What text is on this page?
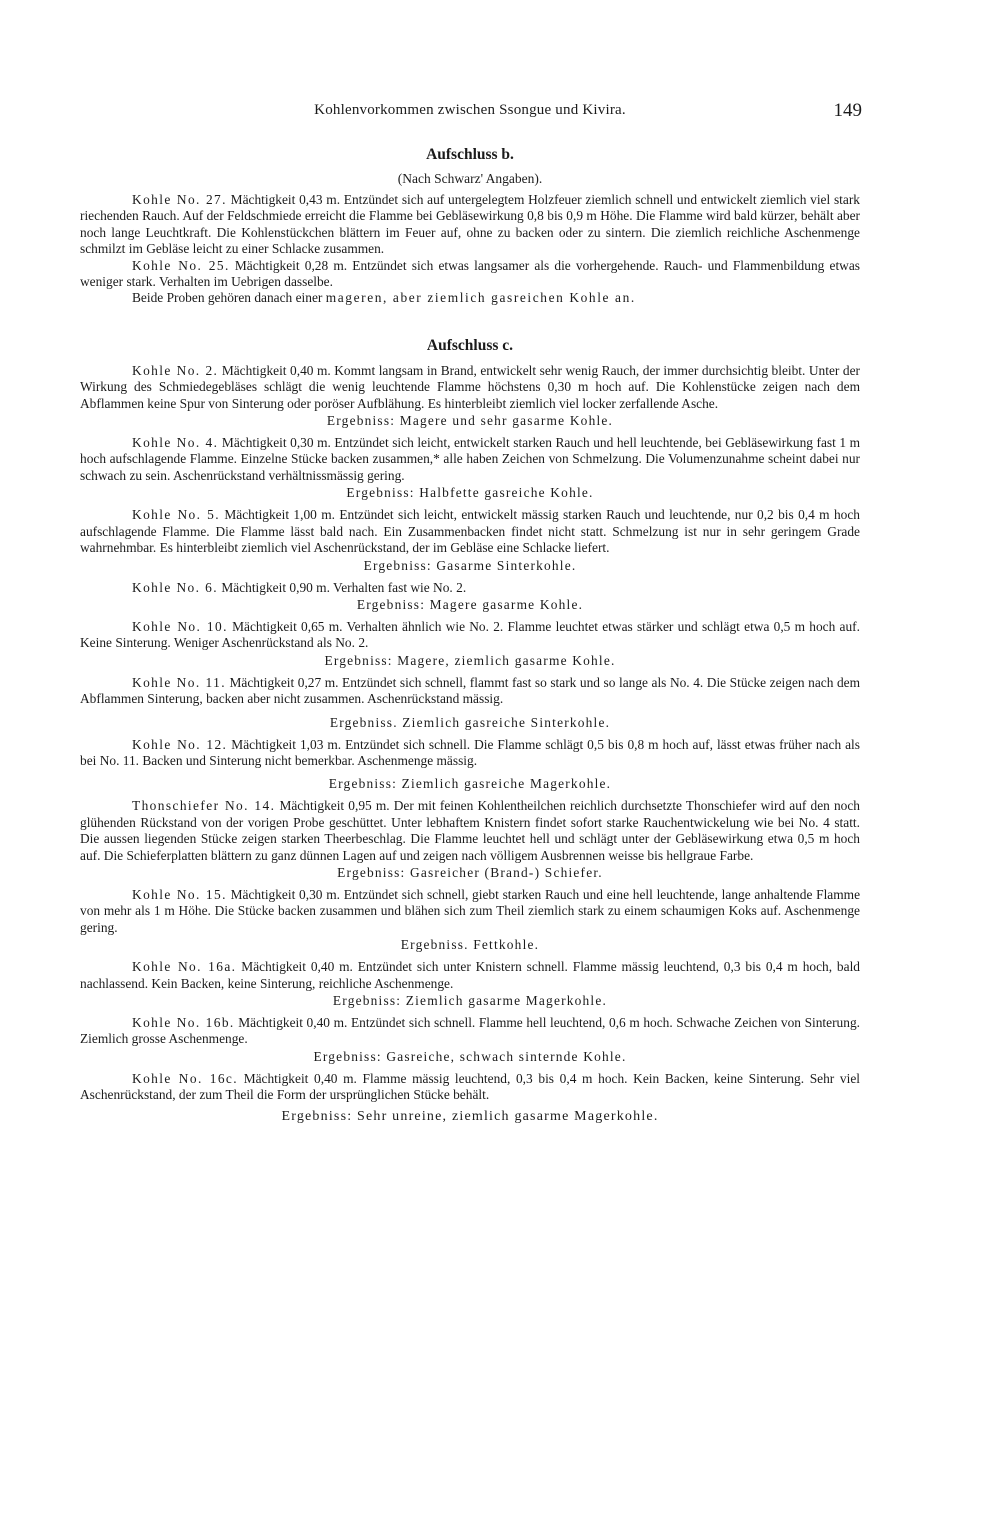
Kohlenvorkommen zwischen Ssongue und Kivira.	149
Aufschluss b.
(Nach Schwarz' Angaben).

Kohle No. 27. Mächtigkeit 0,43 m. Entzündet sich auf untergelegtem Holzfeuer ziemlich schnell und entwickelt ziemlich viel stark riechenden Rauch. Auf der Feldschmiede erreicht die Flamme bei Gebläsewirkung 0,8 bis 0,9 m Höhe. Die Flamme wird bald kürzer, behält aber noch lange Leuchtkraft. Die Kohlenstückchen blättern im Feuer auf, ohne zu backen oder zu sintern. Die ziemlich reichliche Aschenmenge schmilzt im Gebläse leicht zu einer Schlacke zusammen.

Kohle No. 25. Mächtigkeit 0,28 m. Entzündet sich etwas langsamer als die vorhergehende. Rauch- und Flammenbildung etwas weniger stark. Verhalten im Uebrigen dasselbe.

Beide Proben gehören danach einer mageren, aber ziemlich gasreichen Kohle an.

Aufschluss c.

Kohle No. 2. Mächtigkeit 0,40 m. Kommt langsam in Brand, entwickelt sehr wenig Rauch, der immer durchsichtig bleibt. Unter der Wirkung des Schmiedegebläses schlägt die wenig leuchtende Flamme höchstens 0,30 m hoch auf. Die Kohlenstücke zeigen nach dem Abflammen keine Spur von Sinterung oder poröser Aufblähung. Es hinterbleibt ziemlich viel locker zerfallende Asche.

Ergebniss: Magere und sehr gasarme Kohle.

Kohle No. 4. Mächtigkeit 0,30 m. Entzündet sich leicht, entwickelt starken Rauch und hell leuchtende, bei Gebläsewirkung fast 1 m hoch aufschlagende Flamme. Einzelne Stücke backen zusammen,* alle haben Zeichen von Schmelzung. Die Volumenzunahme scheint dabei nur schwach zu sein. Aschenrückstand verhältnissmässig gering.

Ergebniss: Halbfette gasreiche Kohle.

Kohle No. 5. Mächtigkeit 1,00 m. Entzündet sich leicht, entwickelt mässig starken Rauch und leuchtende, nur 0,2 bis 0,4 m hoch aufschlagende Flamme. Die Flamme lässt bald nach. Ein Zusammenbacken findet nicht statt. Schmelzung ist nur in sehr geringem Grade wahrnehmbar. Es hinterbleibt ziemlich viel Aschenrückstand, der im Gebläse eine Schlacke liefert.

Ergebniss: Gasarme Sinterkohle.

Kohle No. 6. Mächtigkeit 0,90 m. Verhalten fast wie No. 2.

Ergebniss: Magere gasarme Kohle.

Kohle No. 10. Mächtigkeit 0,65 m. Verhalten ähnlich wie No. 2. Flamme leuchtet etwas stärker und schlägt etwa 0,5 m hoch auf. Keine Sinterung. Weniger Aschenrückstand als No. 2.

Ergebniss: Magere, ziemlich gasarme Kohle.

Kohle No. 11. Mächtigkeit 0,27 m. Entzündet sich schnell, flammt fast so stark und so lange als No. 4. Die Stücke zeigen nach dem Abflammen Sinterung, backen aber nicht zusammen. Aschenrückstand mässig.

Ergebniss. Ziemlich gasreiche Sinterkohle.

Kohle No. 12. Mächtigkeit 1,03 m. Entzündet sich schnell. Die Flamme schlägt 0,5 bis 0,8 m hoch auf, lässt etwas früher nach als bei No. 11. Backen und Sinterung nicht bemerkbar. Aschenmenge mässig.

Ergebniss: Ziemlich gasreiche Magerkohle.

Thonschiefer No. 14. Mächtigkeit 0,95 m. Der mit feinen Kohlentheilchen reichlich durchsetzte Thonschiefer wird auf den noch glühenden Rückstand von der vorigen Probe geschüttet. Unter lebhaftem Knistern findet sofort starke Rauchentwickelung wie bei No. 4 statt. Die aussen liegenden Stücke zeigen starken Theerbeschlag. Die Flamme leuchtet hell und schlägt unter der Gebläsewirkung etwa 0,5 m hoch auf. Die Schieferplatten blättern zu ganz dünnen Lagen auf und zeigen nach völligem Ausbrennen weisse bis hellgraue Farbe.

Ergebniss: Gasreicher (Brand-) Schiefer.

Kohle No. 15. Mächtigkeit 0,30 m. Entzündet sich schnell, giebt starken Rauch und eine hell leuchtende, lange anhaltende Flamme von mehr als 1 m Höhe. Die Stücke backen zusammen und blähen sich zum Theil ziemlich stark zu einem schaumigen Koks auf. Aschenmenge gering.

Ergebniss. Fettkohle.

Kohle No. 16a. Mächtigkeit 0,40 m. Entzündet sich unter Knistern schnell. Flamme mässig leuchtend, 0,3 bis 0,4 m hoch, bald nachlassend. Kein Backen, keine Sinterung, reichliche Aschenmenge.

Ergebniss: Ziemlich gasarme Magerkohle.

Kohle No. 16b. Mächtigkeit 0,40 m. Entzündet sich schnell. Flamme hell leuchtend, 0,6 m hoch. Schwache Zeichen von Sinterung. Ziemlich grosse Aschenmenge.

Ergebniss: Gasreiche, schwach sinternde Kohle.

Kohle No. 16c. Mächtigkeit 0,40 m. Flamme mässig leuchtend, 0,3 bis 0,4 m hoch. Kein Backen, keine Sinterung. Sehr viel Aschenrückstand, der zum Theil die Form der ursprünglichen Stücke behält.

Ergebniss: Sehr unreine, ziemlich gasarme Magerkohle.
